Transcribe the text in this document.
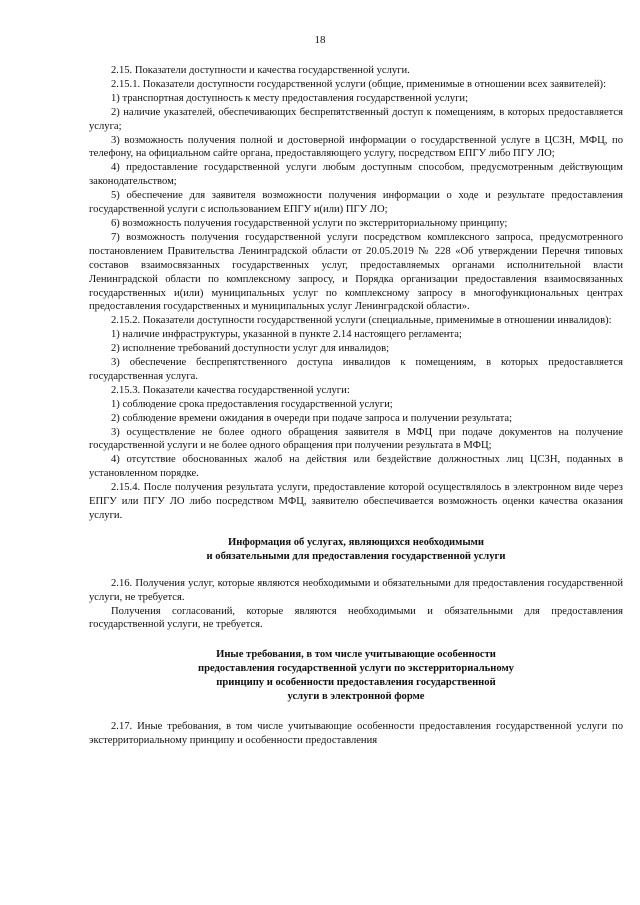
18

2.15. Показатели доступности и качества государственной услуги.

2.15.1. Показатели доступности государственной услуги (общие, применимые в отношении всех заявителей):

1) транспортная доступность к месту предоставления государственной услуги;

2) наличие указателей, обеспечивающих беспрепятственный доступ к помещениям, в которых предоставляется услуга;

3) возможность получения полной и достоверной информации о государственной услуге в ЦСЗН, МФЦ, по телефону, на официальном сайте органа, предоставляющего услугу, посредством ЕПГУ либо ПГУ ЛО;

4) предоставление государственной услуги любым доступным способом, предусмотренным действующим законодательством;

5) обеспечение для заявителя возможности получения информации о ходе и результате предоставления государственной услуги с использованием ЕПГУ и(или) ПГУ ЛО;

6) возможность получения государственной услуги по экстерриториальному принципу;

7) возможность получения государственной услуги посредством комплексного запроса, предусмотренного постановлением Правительства Ленинградской области от 20.05.2019 № 228 «Об утверждении Перечня типовых составов взаимосвязанных государственных услуг, предоставляемых органами исполнительной власти Ленинградской области по комплексному запросу, и Порядка организации предоставления взаимосвязанных государственных и(или) муниципальных услуг по комплексному запросу в многофункциональных центрах предоставления государственных и муниципальных услуг Ленинградской области».

2.15.2. Показатели доступности государственной услуги (специальные, применимые в отношении инвалидов):

1) наличие инфраструктуры, указанной в пункте 2.14 настоящего регламента;

2) исполнение требований доступности услуг для инвалидов;

3) обеспечение беспрепятственного доступа инвалидов к помещениям, в которых предоставляется государственная услуга.

2.15.3. Показатели качества государственной услуги:

1) соблюдение срока предоставления государственной услуги;

2) соблюдение времени ожидания в очереди при подаче запроса и получении результата;

3) осуществление не более одного обращения заявителя в МФЦ при подаче документов на получение государственной услуги и не более одного обращения при получении результата в МФЦ;

4) отсутствие обоснованных жалоб на действия или бездействие должностных лиц ЦСЗН, поданных в установленном порядке.

2.15.4. После получения результата услуги, предоставление которой осуществлялось в электронном виде через ЕПГУ или ПГУ ЛО либо посредством МФЦ, заявителю обеспечивается возможность оценки качества оказания услуги.

Информация об услугах, являющихся необходимыми

и обязательными для предоставления государственной услуги

2.16. Получения услуг, которые являются необходимыми и обязательными для предоставления государственной услуги, не требуется.

Получения согласований, которые являются необходимыми и обязательными для предоставления государственной услуги, не требуется.

Иные требования, в том числе учитывающие особенности

предоставления государственной услуги по экстерриториальному

принципу и особенности предоставления государственной

услуги в электронной форме

2.17. Иные требования, в том числе учитывающие особенности предоставления государственной услуги по экстерриториальному принципу и особенности предоставления
